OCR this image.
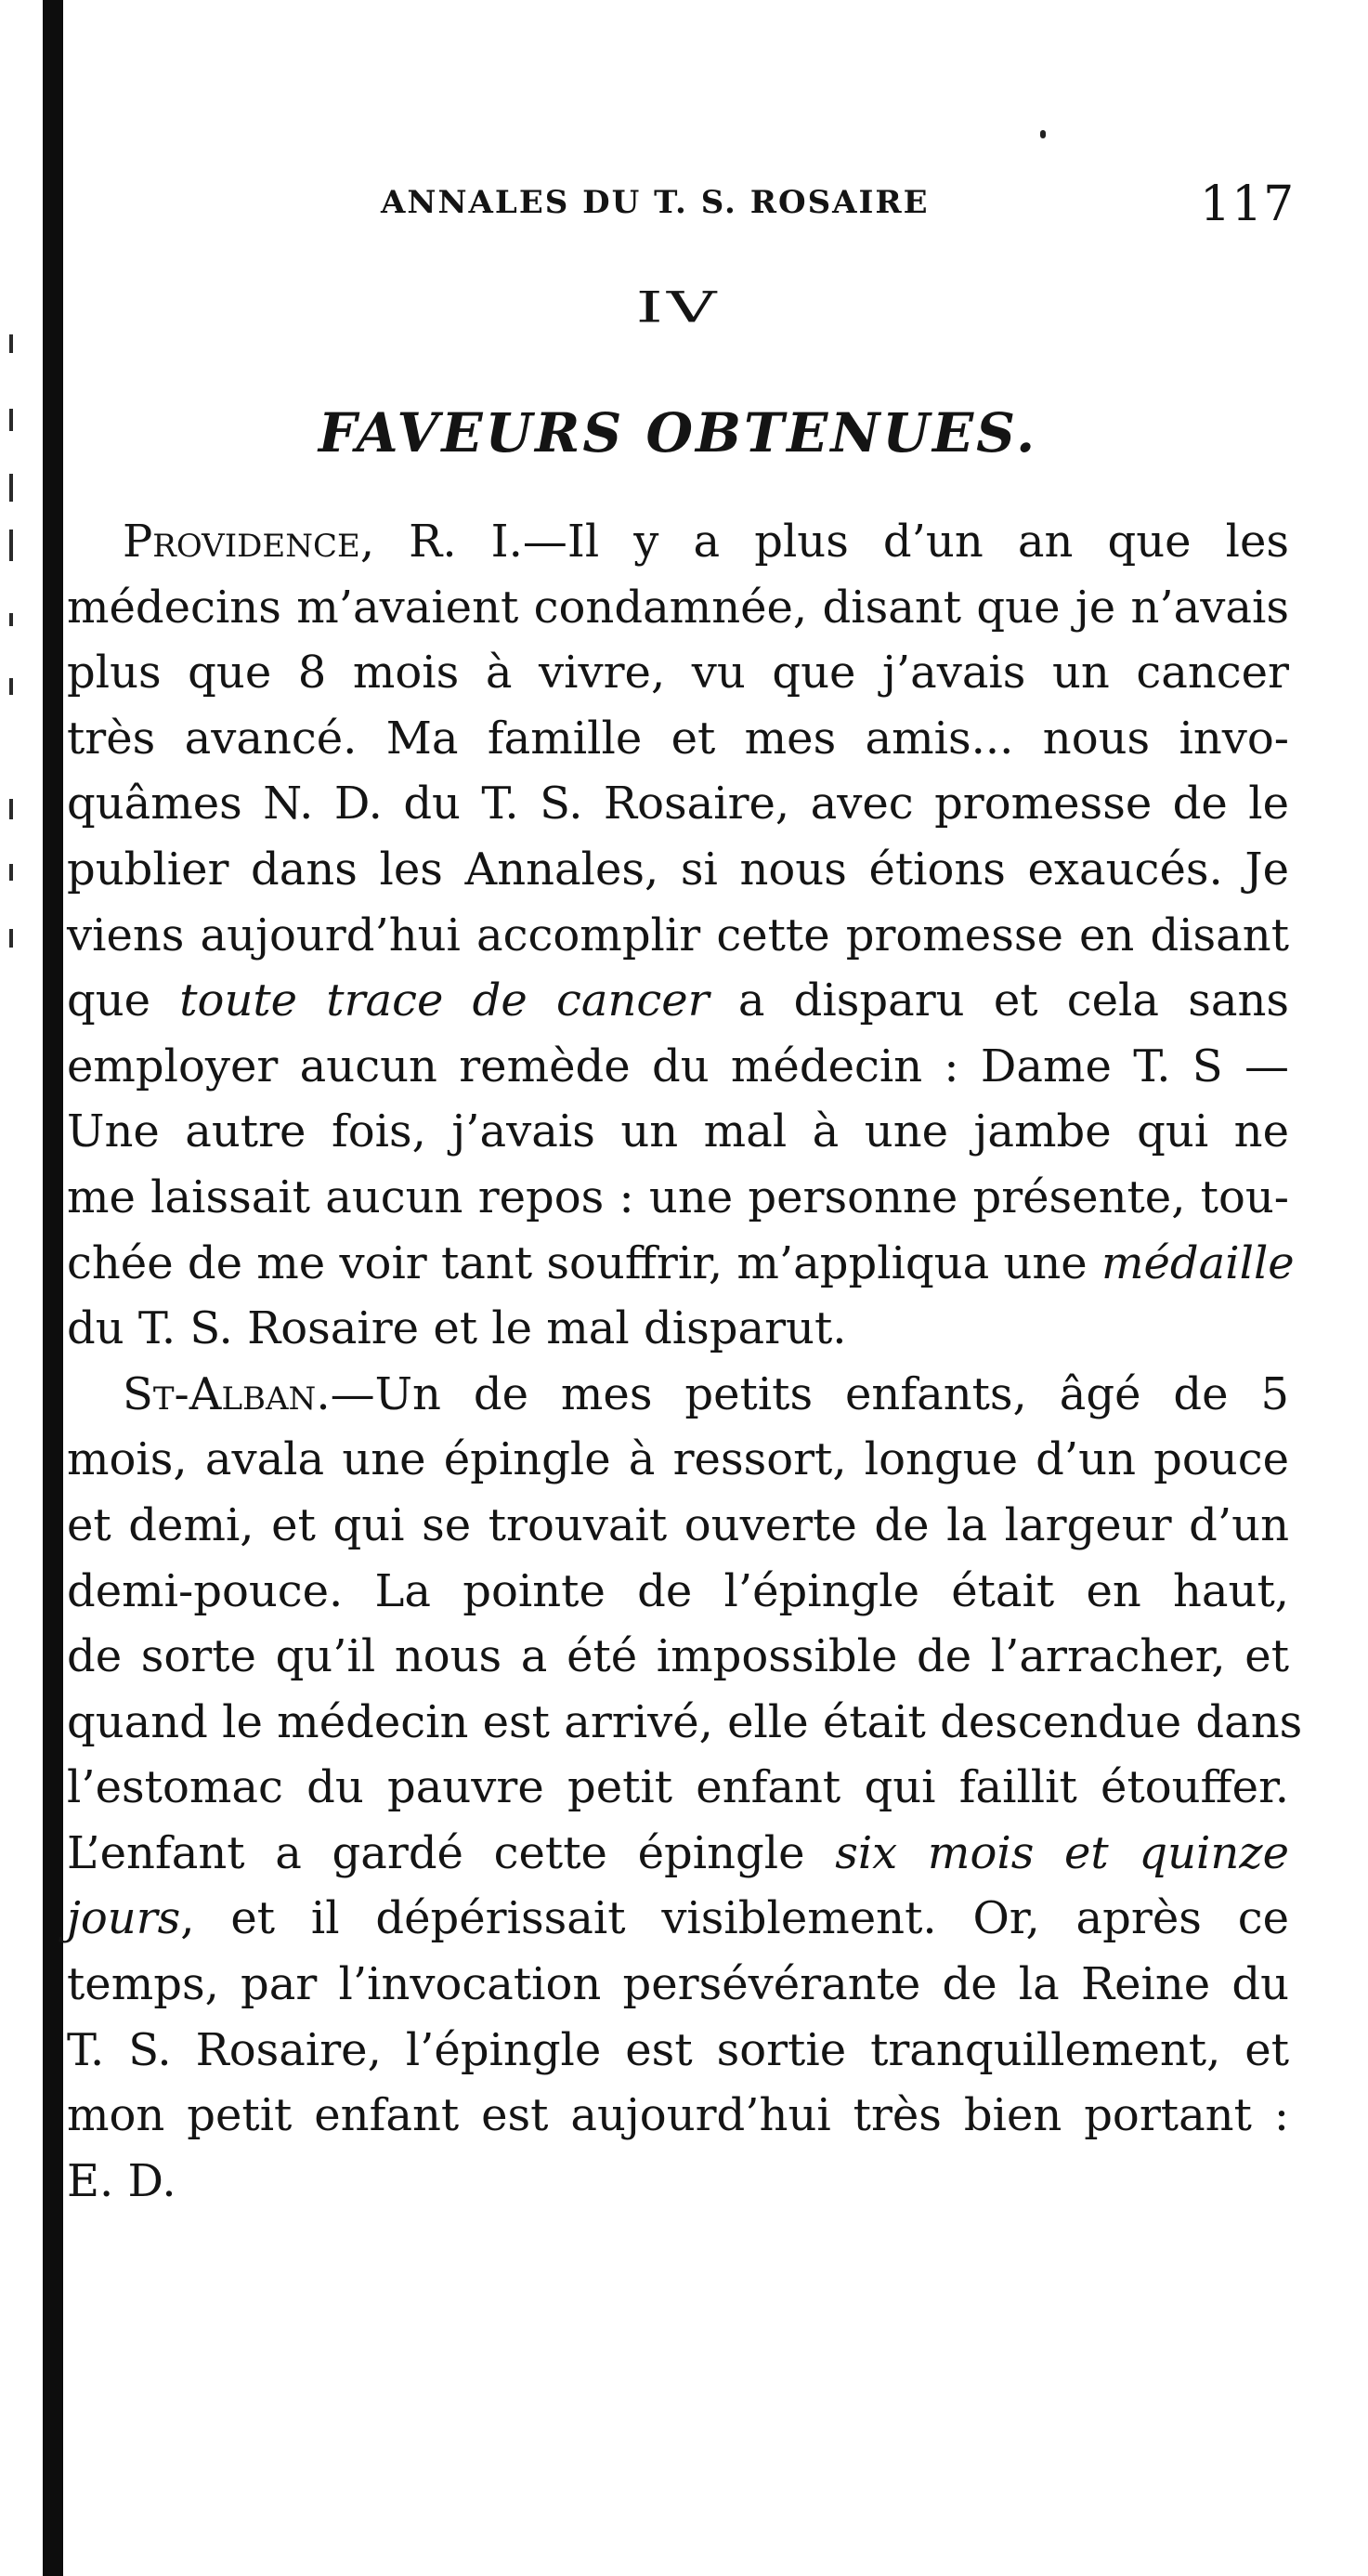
ANNALES DU T. S. ROSAIRE	117
IV
FAVEURS OBTENUES.
Providence, R. I.—Il y a plus d’un an que les
médecins m’avaient condamnée, disant que je n’avais
plus que 8 mois à vivre, vu que j’avais un cancer
très avancé. Ma famille et mes amis... nous invo-
quâmes N. D. du T. S. Rosaire, avec promesse de le
publier dans les Annales, si nous étions exaucés. Je
viens aujourd’hui accomplir cette promesse en disant
que toute trace de cancer a disparu et cela sans
employer aucun remède du médecin : Dame T. S —
Une autre fois, j’avais un mal à une jambe qui ne
me laissait aucun repos : une personne présente, tou-
chée de me voir tant souffrir, m’appliqua une médaille
du T. S. Rosaire et le mal disparut.
St-Alban.—Un de mes petits enfants, âgé de 5
mois, avala une épingle à ressort, longue d’un pouce
et demi, et qui se trouvait ouverte de la largeur d’un
demi-pouce. La pointe de l’épingle était en haut,
de sorte qu’il nous a été impossible de l’arracher, et
quand le médecin est arrivé, elle était descendue dans
l’estomac du pauvre petit enfant qui faillit étouffer.
L’enfant a gardé cette épingle six mois et quinze
jours, et il dépérissait visiblement. Or, après ce
temps, par l’invocation persévérante de la Reine du
T. S. Rosaire, l’épingle est sortie tranquillement, et
mon petit enfant est aujourd’hui très bien portant :
E. D.
